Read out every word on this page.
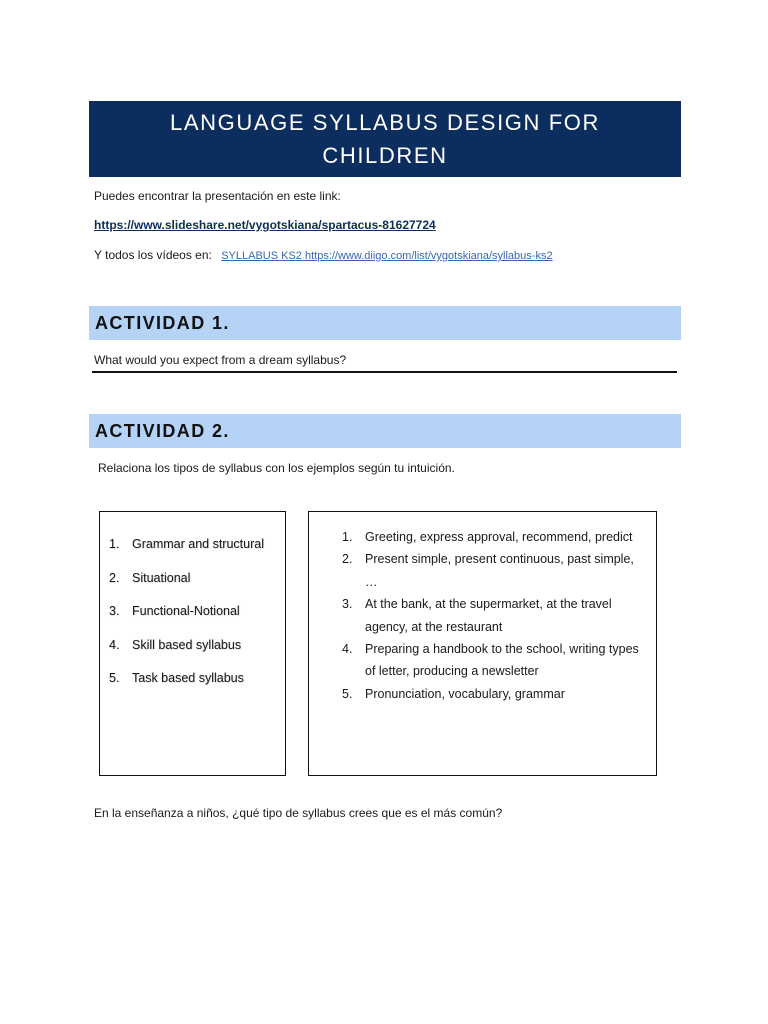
LANGUAGE SYLLABUS DESIGN FOR CHILDREN
Puedes encontrar la presentación en este link:
https://www.slideshare.net/vygotskiana/spartacus-81627724
Y todos los vídeos en: SYLLABUS KS2 https://www.diigo.com/list/vygotskiana/syllabus-ks2
ACTIVIDAD 1.
What would you expect from a dream syllabus?
ACTIVIDAD 2.
Relaciona los tipos de syllabus con los ejemplos según tu intuición.
1.	Grammar and structural
2.	Situational
3.	Functional-Notional
4.	Skill based syllabus
5.	Task based syllabus
1.	Greeting, express approval, recommend, predict
2.	Present simple, present continuous, past simple, …
3.	At the bank, at the supermarket, at the travel agency, at the restaurant
4.	Preparing a handbook to the school, writing types of letter, producing a newsletter
5.	Pronunciation, vocabulary, grammar
En la enseñanza a niños, ¿qué tipo de syllabus crees que es el más común?
